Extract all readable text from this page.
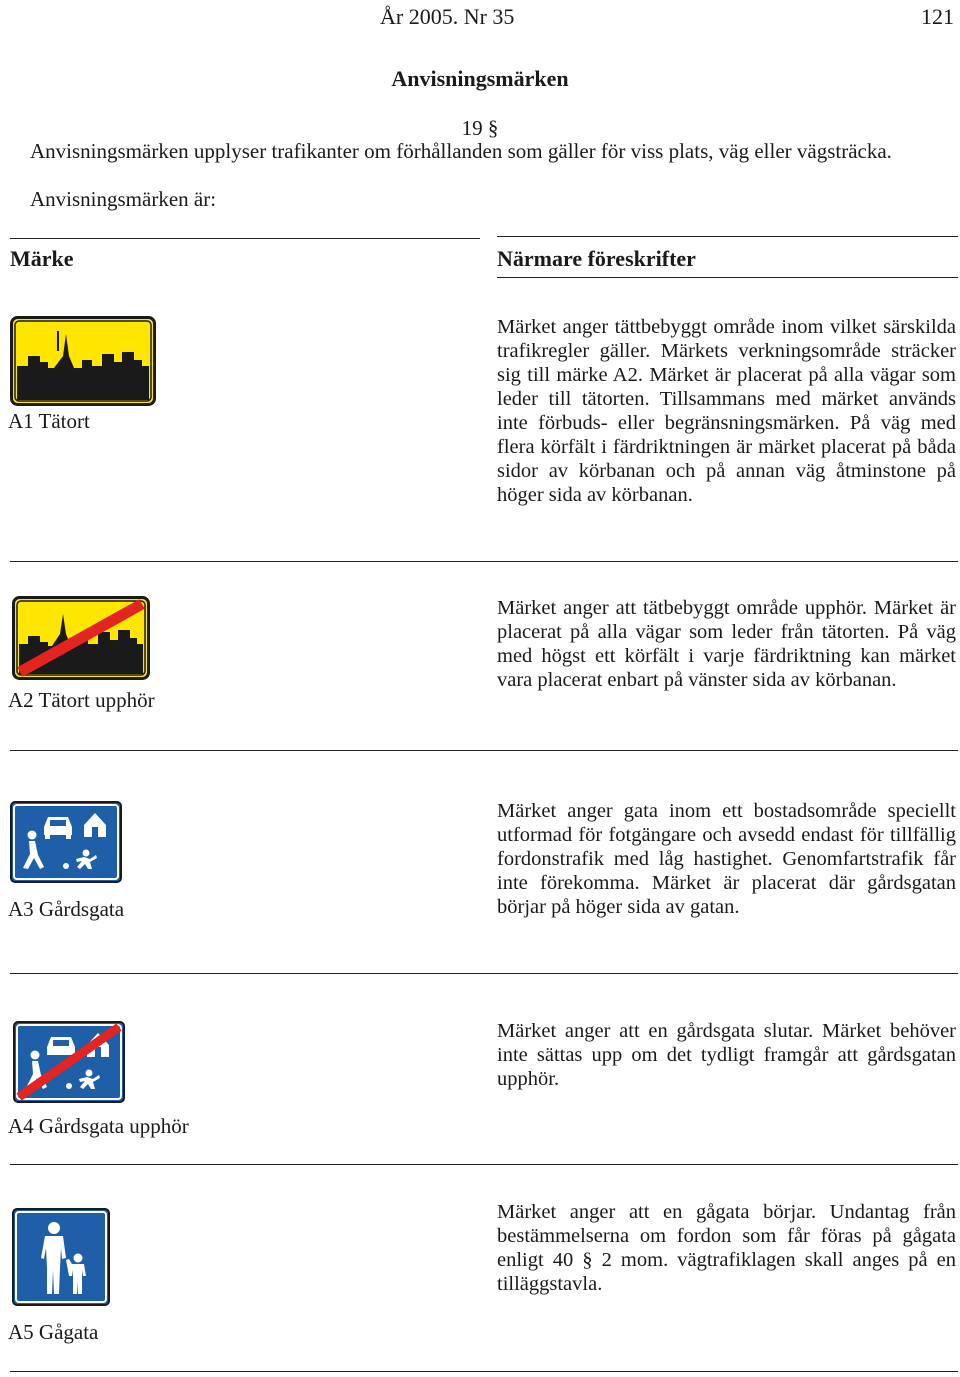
År 2005. Nr 35	121
Anvisningsmärken
19 §
Anvisningsmärken upplyser trafikanter om förhållanden som gäller för viss plats, väg eller vägsträcka.
Anvisningsmärken är:
Märke	Närmare föreskrifter
A1 Tätort
Märket anger tättbebyggt område inom vilket särskilda trafikregler gäller. Märkets verkningsområde sträcker sig till märke A2. Märket är placerat på alla vägar som leder till tätorten. Tillsammans med märket används inte förbuds- eller begränsningsmärken. På väg med flera körfält i färdriktningen är märket placerat på båda sidor av körbanan och på annan väg åtminstone på höger sida av körbanan.
A2 Tätort upphör
Märket anger att tätbebyggt område upphör. Märket är placerat på alla vägar som leder från tätorten. På väg med högst ett körfält i varje färdriktning kan märket vara placerat enbart på vänster sida av körbanan.
A3 Gårdsgata
Märket anger gata inom ett bostadsområde speciellt utformad för fotgängare och avsedd endast för tillfällig fordonstrafik med låg hastighet. Genomfartstrafik får inte förekomma. Märket är placerat där gårdsgatan börjar på höger sida av gatan.
A4 Gårdsgata upphör
Märket anger att en gårdsgata slutar. Märket behöver inte sättas upp om det tydligt framgår att gårdsgatan upphör.
A5 Gågata
Märket anger att en gågata börjar. Undantag från bestämmelserna om fordon som får föras på gågata enligt 40 § 2 mom. vägtrafiklagen skall anges på en tilläggstavla.
